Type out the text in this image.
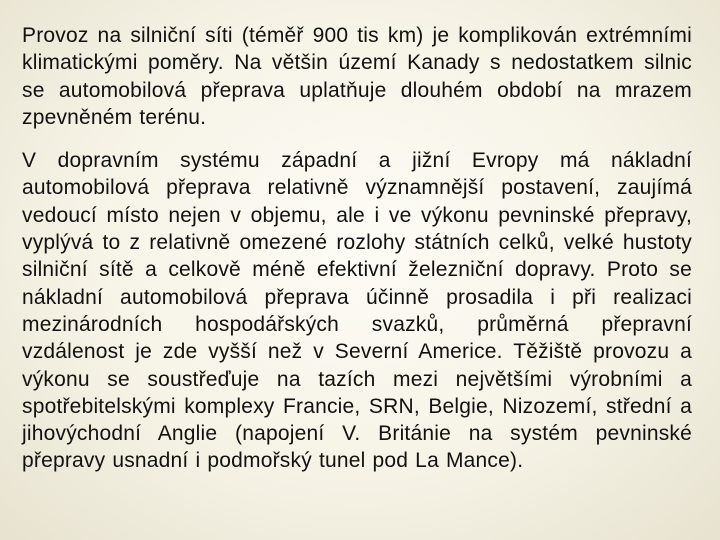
Provoz na silniční síti (téměř 900 tis km) je komplikován extrémními klimatickými poměry. Na většin území Kanady s nedostatkem silnic se automobilová přeprava uplatňuje dlouhém období na mrazem zpevněném terénu.

V dopravním systému západní a jižní Evropy má nákladní automobilová přeprava relativně významnější postavení, zaujímá vedoucí místo nejen v objemu, ale i ve výkonu pevninské přepravy, vyplývá to z relativně omezené rozlohy státních celků, velké hustoty silniční sítě a celkově méně efektivní železniční dopravy. Proto se nákladní automobilová přeprava účinně prosadila i při realizaci mezinárodních hospodářských svazků, průměrná přepravní vzdálenost je zde vyšší než v Severní Americe. Těžiště provozu a výkonu se soustřeďuje na tazích mezi největšími výrobními a spotřebitelskými komplexy Francie, SRN, Belgie, Nizozemí, střední a jihovýchodní Anglie (napojení V. Británie na systém pevninské přepravy usnadní i podmořský tunel pod La Mance).
